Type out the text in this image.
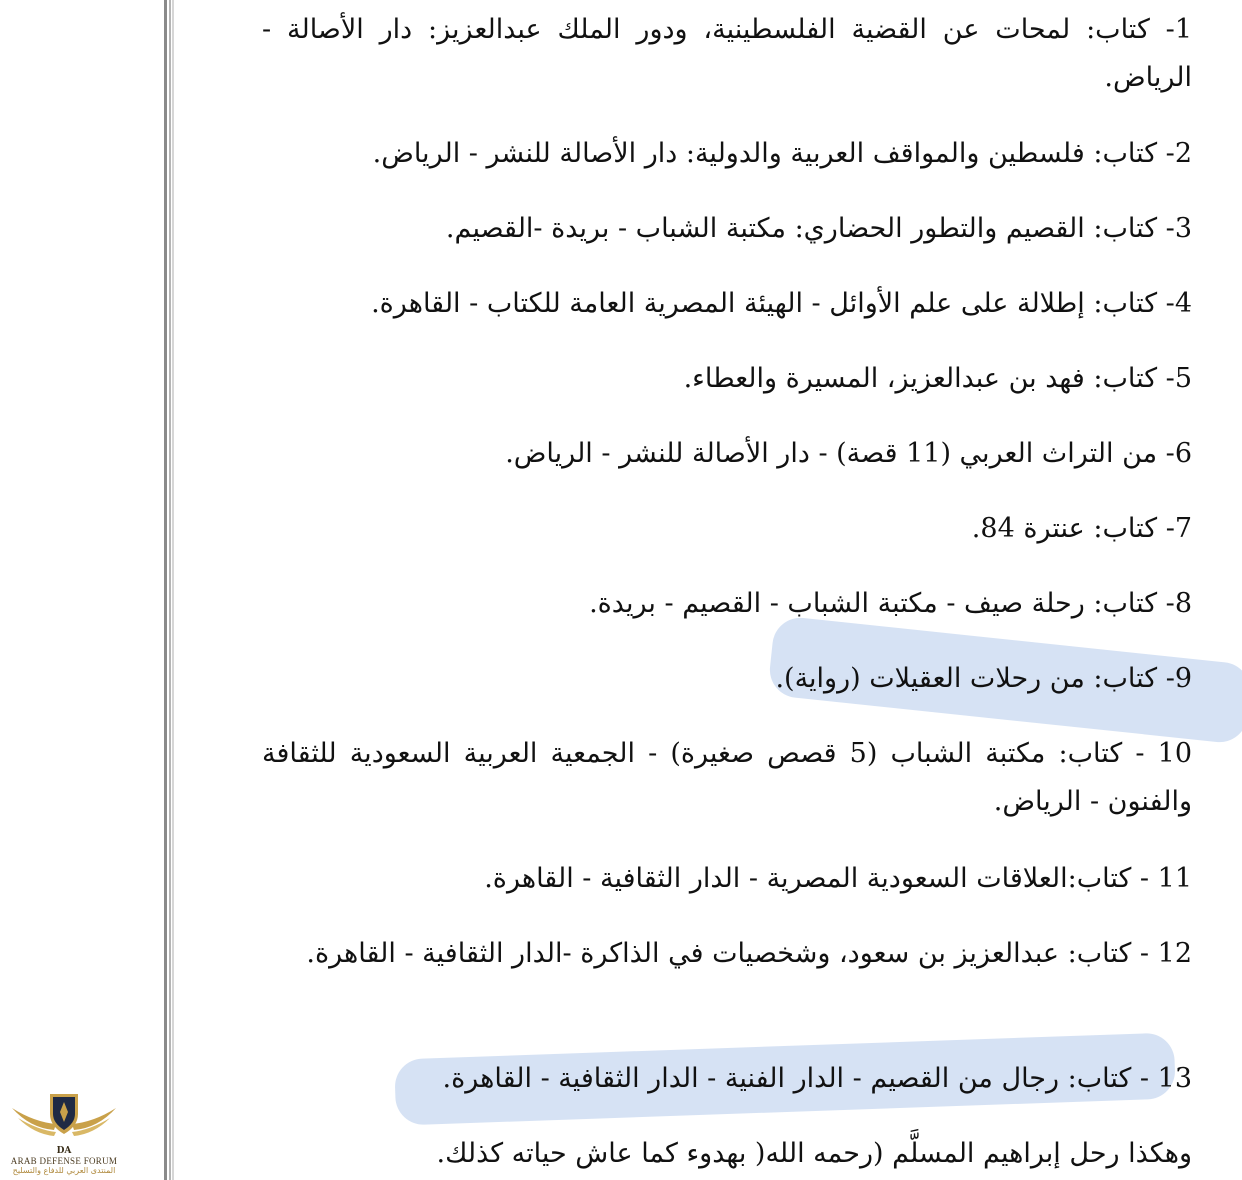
1- كتاب: لمحات عن القضية الفلسطينية، ودور الملك عبدالعزيز: دار الأصالة - الرياض.
2- كتاب: فلسطين والمواقف العربية والدولية: دار الأصالة للنشر - الرياض.
3- كتاب: القصيم والتطور الحضاري: مكتبة الشباب - بريدة -القصيم.
4- كتاب: إطلالة على علم الأوائل - الهيئة المصرية العامة للكتاب - القاهرة.
5- كتاب: فهد بن عبدالعزيز، المسيرة والعطاء.
6- من التراث العربي (11 قصة) - دار الأصالة للنشر - الرياض.
7- كتاب: عنترة 84.
8- كتاب: رحلة صيف - مكتبة الشباب - القصيم - بريدة.
9- كتاب: من رحلات العقيلات (رواية).
10 - كتاب: مكتبة الشباب (5 قصص صغيرة) - الجمعية العربية السعودية للثقافة والفنون - الرياض.
11 - كتاب:العلاقات السعودية المصرية - الدار الثقافية - القاهرة.
12 - كتاب: عبدالعزيز بن سعود، وشخصيات في الذاكرة -الدار الثقافية - القاهرة.
13 - كتاب: رجال من القصيم - الدار الفنية - الدار الثقافية - القاهرة.
وهكذا رحل إبراهيم المسلَّم (رحمه الله( بهدوء كما عاش حياته كذلك.
DA
ARAB DEFENSE FORUM
المنتدى العربي للدفاع والتسليح
